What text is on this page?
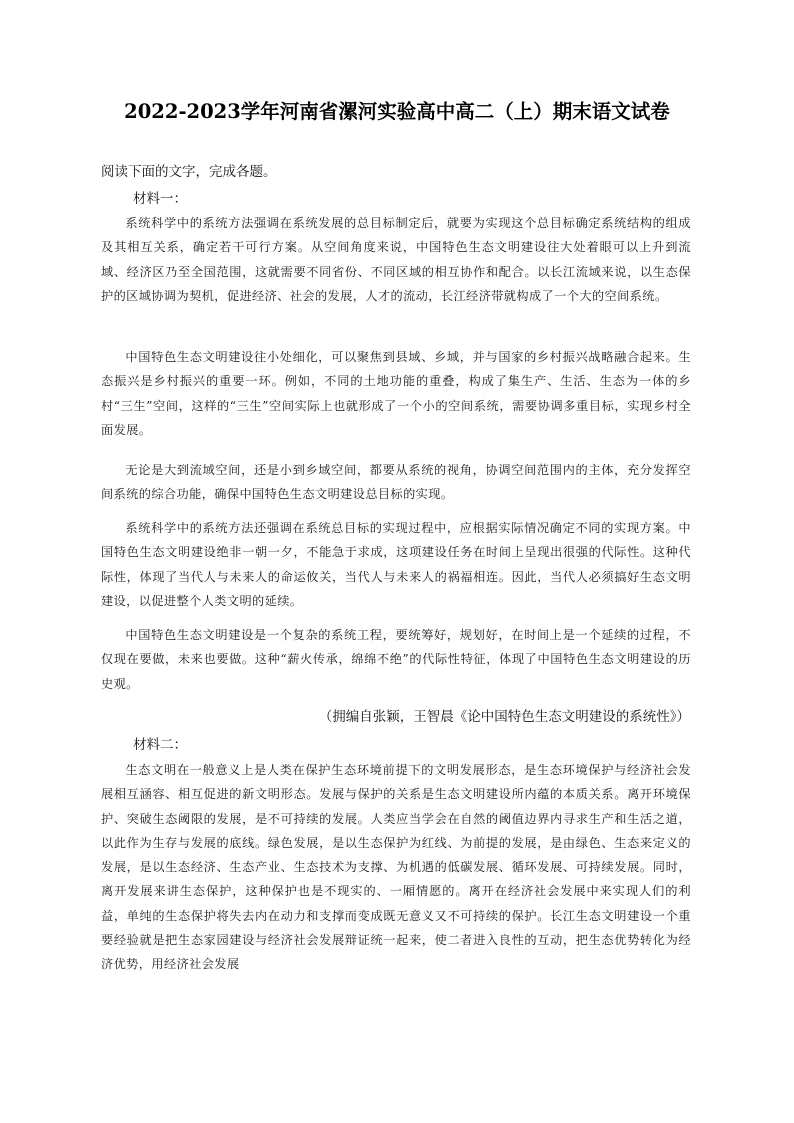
2022-2023学年河南省漯河实验高中高二（上）期末语文试卷
阅读下面的文字，完成各题。
材料一：
系统科学中的系统方法强调在系统发展的总目标制定后，就要为实现这个总目标确定系统结构的组成及其相互关系，确定若干可行方案。从空间角度来说，中国特色生态文明建设往大处着眼可以上升到流域、经济区乃至全国范围，这就需要不同省份、不同区域的相互协作和配合。以长江流域来说，以生态保护的区域协调为契机，促进经济、社会的发展，人才的流动，长江经济带就构成了一个大的空间系统。
中国特色生态文明建设往小处细化，可以聚焦到县域、乡域，并与国家的乡村振兴战略融合起来。生态振兴是乡村振兴的重要一环。例如，不同的土地功能的重叠，构成了集生产、生活、生态为一体的乡村“三生”空间，这样的“三生”空间实际上也就形成了一个小的空间系统，需要协调多重目标，实现乡村全面发展。
无论是大到流域空间，还是小到乡域空间，都要从系统的视角，协调空间范围内的主体，充分发挥空间系统的综合功能，确保中国特色生态文明建设总目标的实现。
系统科学中的系统方法还强调在系统总目标的实现过程中，应根据实际情况确定不同的实现方案。中国特色生态文明建设绝非一朝一夕，不能急于求成，这项建设任务在时间上呈现出很强的代际性。这种代际性，体现了当代人与未来人的命运攸关，当代人与未来人的祸福相连。因此，当代人必须搞好生态文明建设，以促进整个人类文明的延续。
中国特色生态文明建设是一个复杂的系统工程，要统筹好，规划好，在时间上是一个延续的过程，不仅现在要做，未来也要做。这种“薪火传承，绵绵不绝”的代际性特征，体现了中国特色生态文明建设的历史观。
（拥编自张颖，王智晨《论中国特色生态文明建设的系统性》）
材料二：
生态文明在一般意义上是人类在保护生态环境前提下的文明发展形态，是生态环境保护与经济社会发展相互涵容、相互促进的新文明形态。发展与保护的关系是生态文明建设所内蕴的本质关系。离开环境保护、突破生态阈限的发展，是不可持续的发展。人类应当学会在自然的阈值边界内寻求生产和生活之道，以此作为生存与发展的底线。绿色发展，是以生态保护为红线、为前提的发展，是由绿色、生态来定义的发展，是以生态经济、生态产业、生态技术为支撑、为机遇的低碳发展、循环发展、可持续发展。同时，离开发展来讲生态保护，这种保护也是不现实的、一厢情愿的。离开在经济社会发展中来实现人们的利益，单纯的生态保护将失去内在动力和支撑而变成既无意义又不可持续的保护。长江生态文明建设一个重要经验就是把生态家园建设与经济社会发展辩证统一起来，使二者进入良性的互动，把生态优势转化为经济优势，用经济社会发展
